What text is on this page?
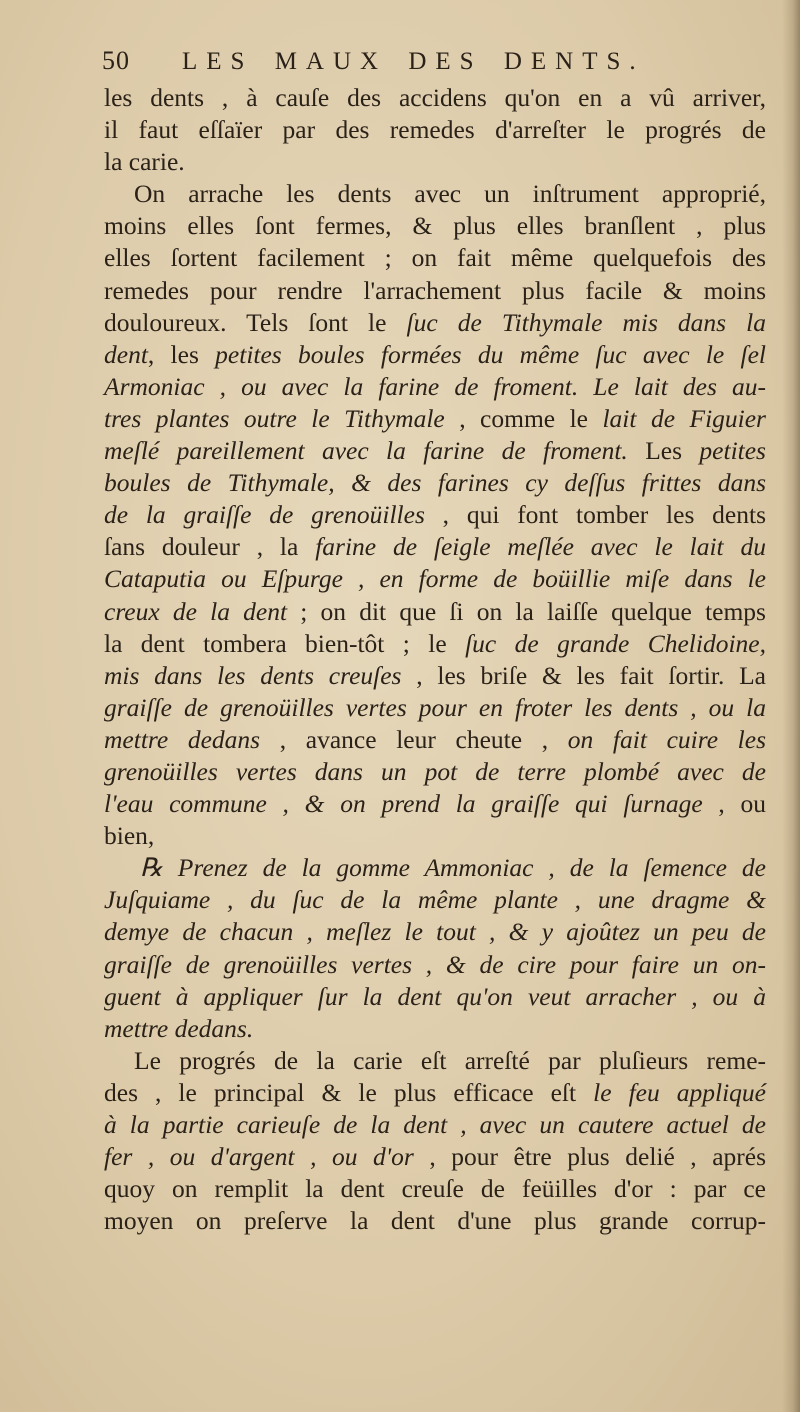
50	LES MAUX DES DENTS.
les dents , à cauſe des accidens qu'on en a vû arriver,
il faut eſſaïer par des remedes d'arreſter le progrés de
la carie.
On arrache les dents avec un inſtrument approprié,
moins elles ſont fermes, & plus elles branſlent , plus
elles ſortent facilement ; on fait même quelquefois des
remedes pour rendre l'arrachement plus facile & moins
douloureux. Tels ſont le ſuc de Tithymale mis dans la
dent, les petites boules formées du même ſuc avec le ſel
Armoniac , ou avec la farine de froment. Le lait des au-
tres plantes outre le Tithymale , comme le lait de Figuier
meſlé pareillement avec la farine de froment. Les petites
boules de Tithymale, & des farines cy deſſus frittes dans
de la graiſſe de grenoüilles , qui font tomber les dents
ſans douleur , la farine de ſeigle meſlée avec le lait du
Cataputia ou Eſpurge , en forme de boüillie miſe dans le
creux de la dent ; on dit que ſi on la laiſſe quelque temps
la dent tombera bien-tôt ; le ſuc de grande Chelidoine,
mis dans les dents creuſes , les briſe & les fait ſortir. La
graiſſe de grenoüilles vertes pour en froter les dents , ou la
mettre dedans , avance leur cheute , on fait cuire les
grenoüilles vertes dans un pot de terre plombé avec de
l'eau commune , & on prend la graiſſe qui ſurnage , ou
bien,
℞ Prenez de la gomme Ammoniac , de la ſemence de
Juſquiame , du ſuc de la même plante , une dragme &
demye de chacun , meſlez le tout , & y ajoûtez un peu de
graiſſe de grenoüilles vertes , & de cire pour faire un on-
guent à appliquer ſur la dent qu'on veut arracher , ou à
mettre dedans.
Le progrés de la carie eſt arreſté par pluſieurs reme-
des , le principal & le plus efficace eſt le feu appliqué
à la partie carieuſe de la dent , avec un cautere actuel de
fer , ou d'argent , ou d'or , pour être plus delié , aprés
quoy on remplit la dent creuſe de feüilles d'or : par ce
moyen on preſerve la dent d'une plus grande corrup-
